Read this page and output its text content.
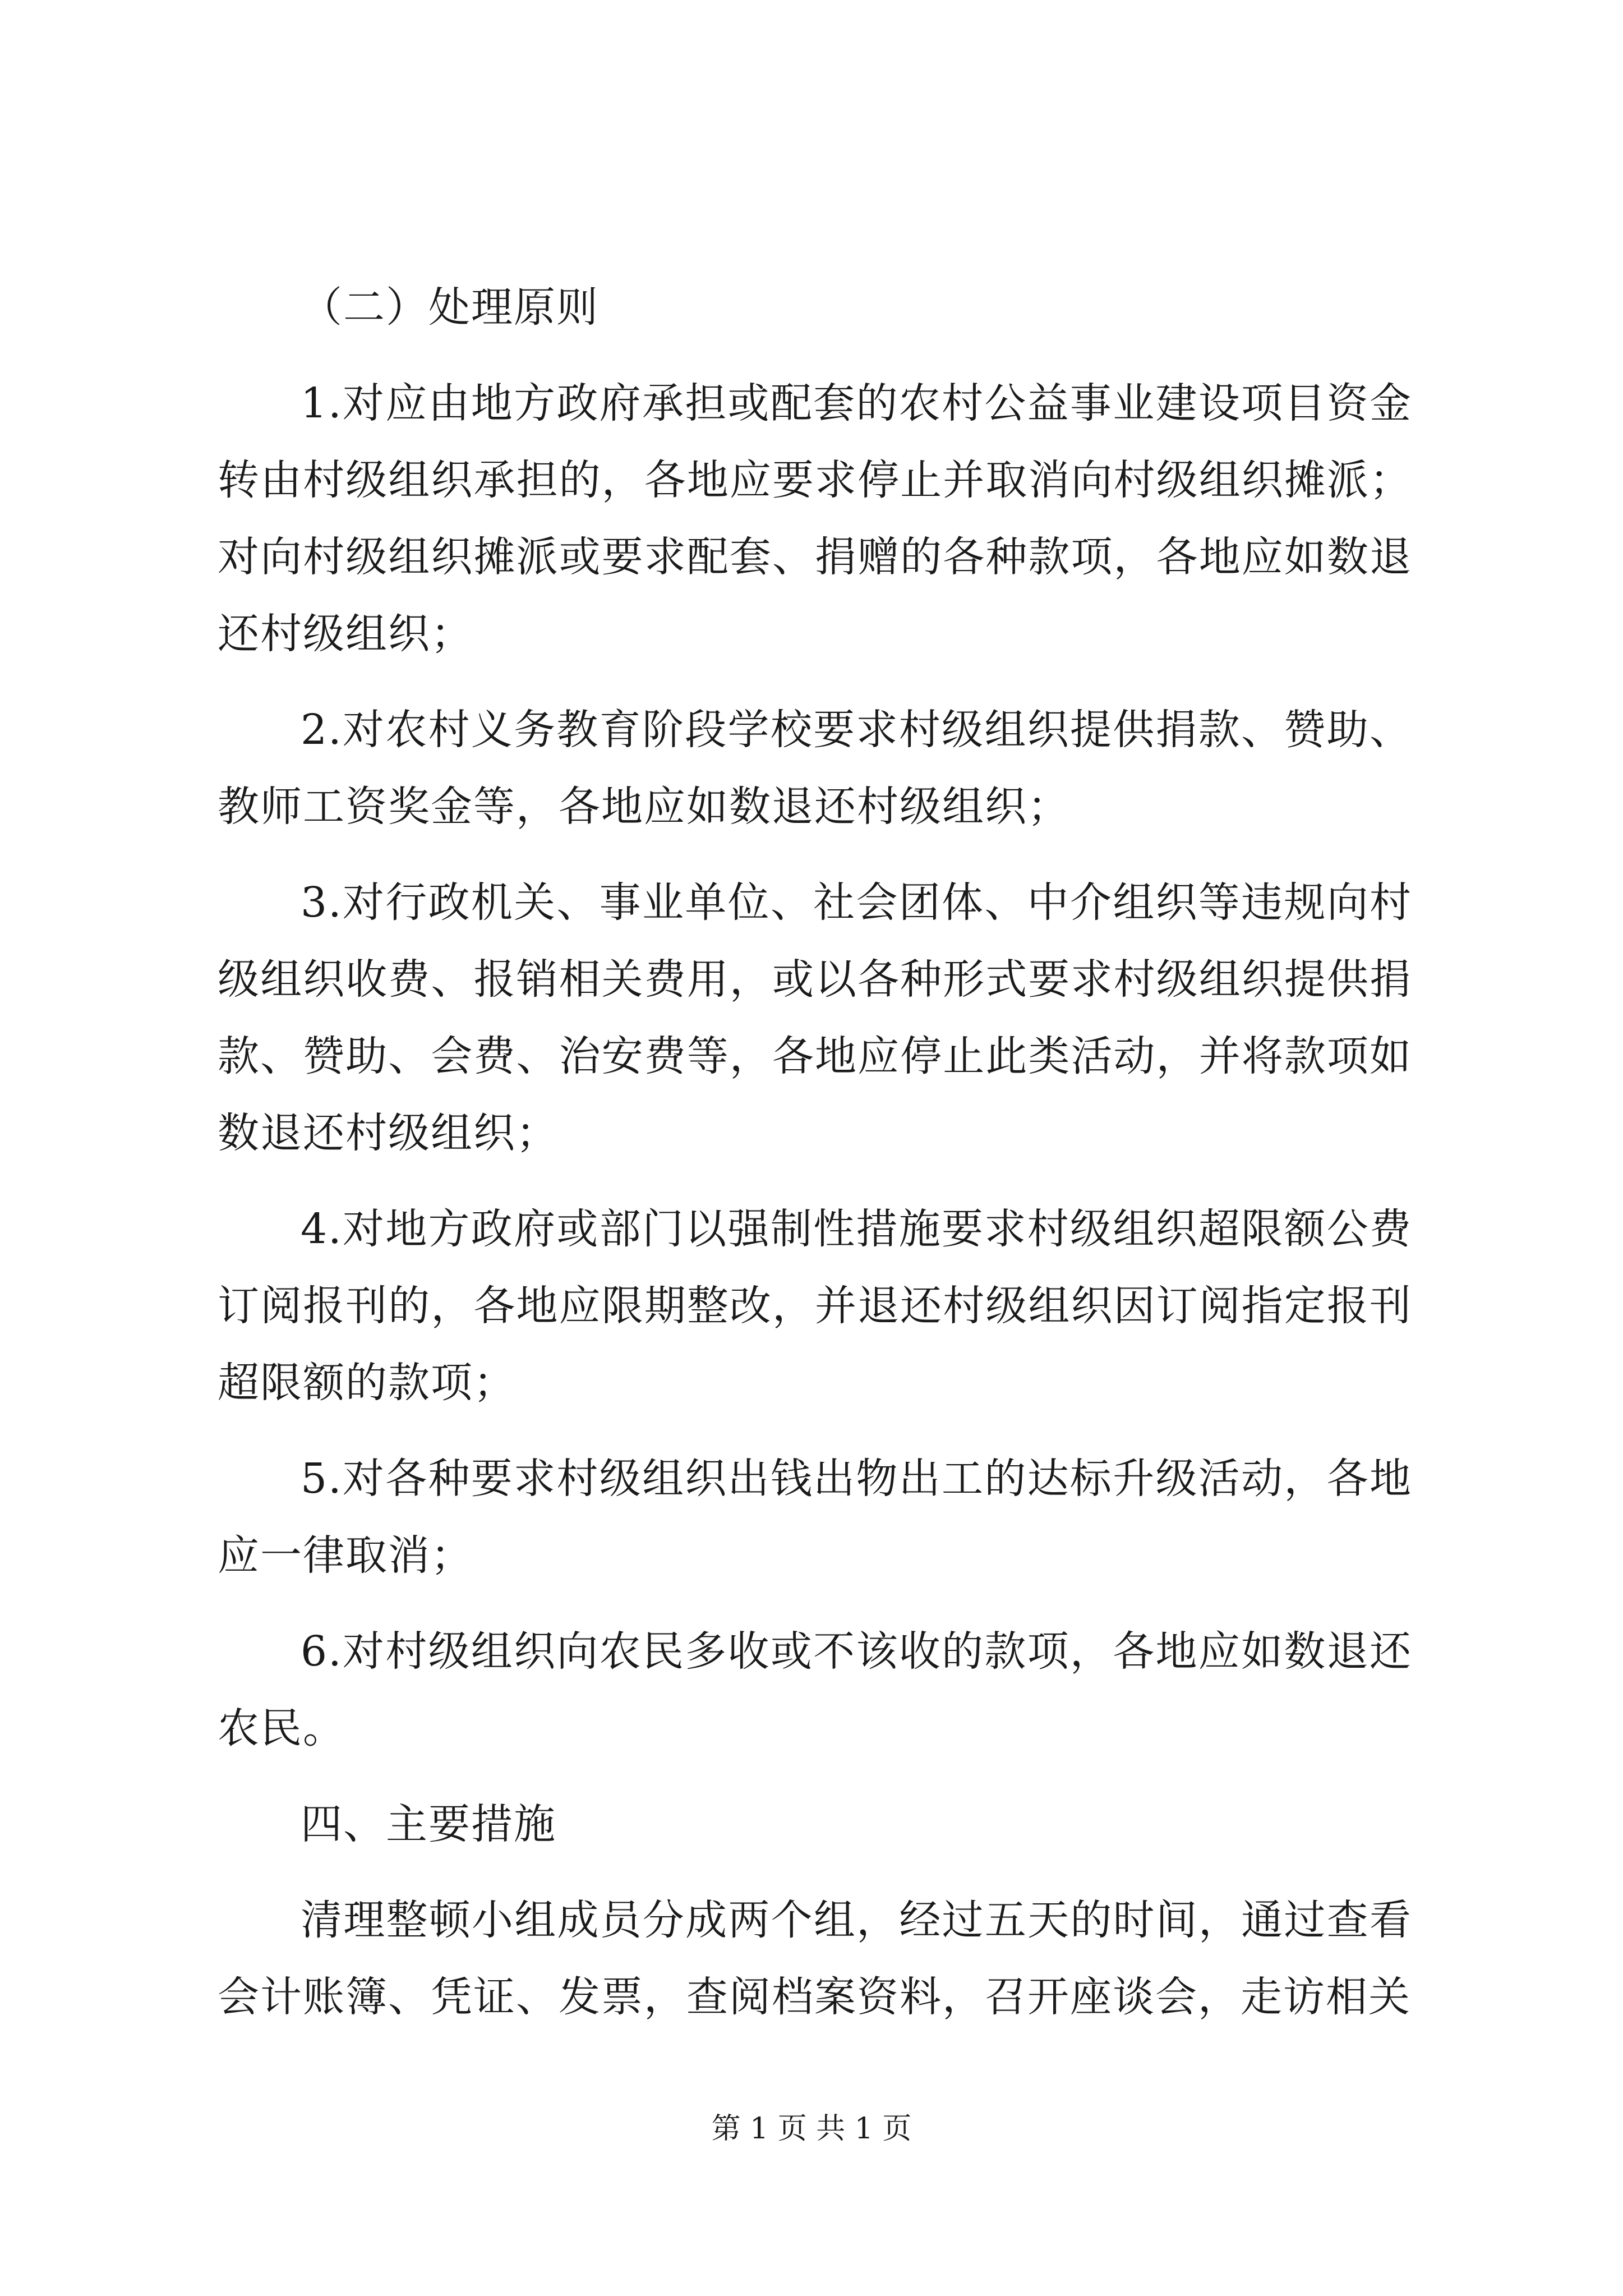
（二）处理原则

1.对应由地方政府承担或配套的农村公益事业建设项目资金转由村级组织承担的，各地应要求停止并取消向村级组织摊派；对向村级组织摊派或要求配套、捐赠的各种款项，各地应如数退还村级组织；

2.对农村义务教育阶段学校要求村级组织提供捐款、赞助、教师工资奖金等，各地应如数退还村级组织；

3.对行政机关、事业单位、社会团体、中介组织等违规向村级组织收费、报销相关费用，或以各种形式要求村级组织提供捐款、赞助、会费、治安费等，各地应停止此类活动，并将款项如数退还村级组织；

4.对地方政府或部门以强制性措施要求村级组织超限额公费订阅报刊的，各地应限期整改，并退还村级组织因订阅指定报刊超限额的款项；

5.对各种要求村级组织出钱出物出工的达标升级活动，各地应一律取消；

6.对村级组织向农民多收或不该收的款项，各地应如数退还农民。

四、主要措施

清理整顿小组成员分成两个组，经过五天的时间，通过查看会计账簿、凭证、发票，查阅档案资料，召开座谈会，走访相关

第 1 页 共 1 页
